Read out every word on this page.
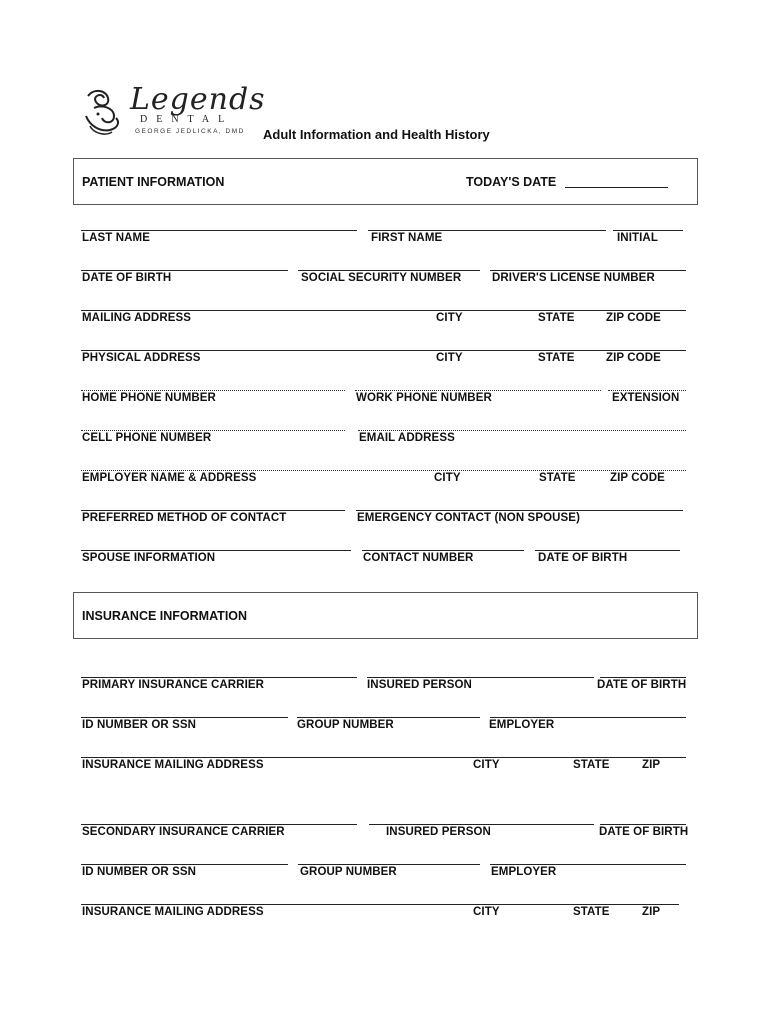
Legends
DENTAL
GEORGE JEDLICKA, DMD Adult Information and Health History
PATIENT INFORMATION	TODAY'S DATE
LAST NAME	FIRST NAME	INITIAL
DATE OF BIRTH	SOCIAL SECURITY NUMBER	DRIVER'S LICENSE NUMBER
MAILING ADDRESS	CITY	STATE	ZIP CODE
PHYSICAL ADDRESS	CITY	STATE	ZIP CODE
HOME PHONE NUMBER	WORK PHONE NUMBER	EXTENSION
CELL PHONE NUMBER	EMAIL ADDRESS
EMPLOYER NAME & ADDRESS	CITY	STATE	ZIP CODE
PREFERRED METHOD OF CONTACT	EMERGENCY CONTACT (NON SPOUSE)
SPOUSE INFORMATION	CONTACT NUMBER	DATE OF BIRTH
INSURANCE INFORMATION
PRIMARY INSURANCE CARRIER	INSURED PERSON	DATE OF BIRTH
ID NUMBER OR SSN	GROUP NUMBER	EMPLOYER
INSURANCE MAILING ADDRESS	CITY	STATE	ZIP
SECONDARY INSURANCE CARRIER	INSURED PERSON	DATE OF BIRTH
ID NUMBER OR SSN	GROUP NUMBER	EMPLOYER
INSURANCE MAILING ADDRESS	CITY	STATE	ZIP
